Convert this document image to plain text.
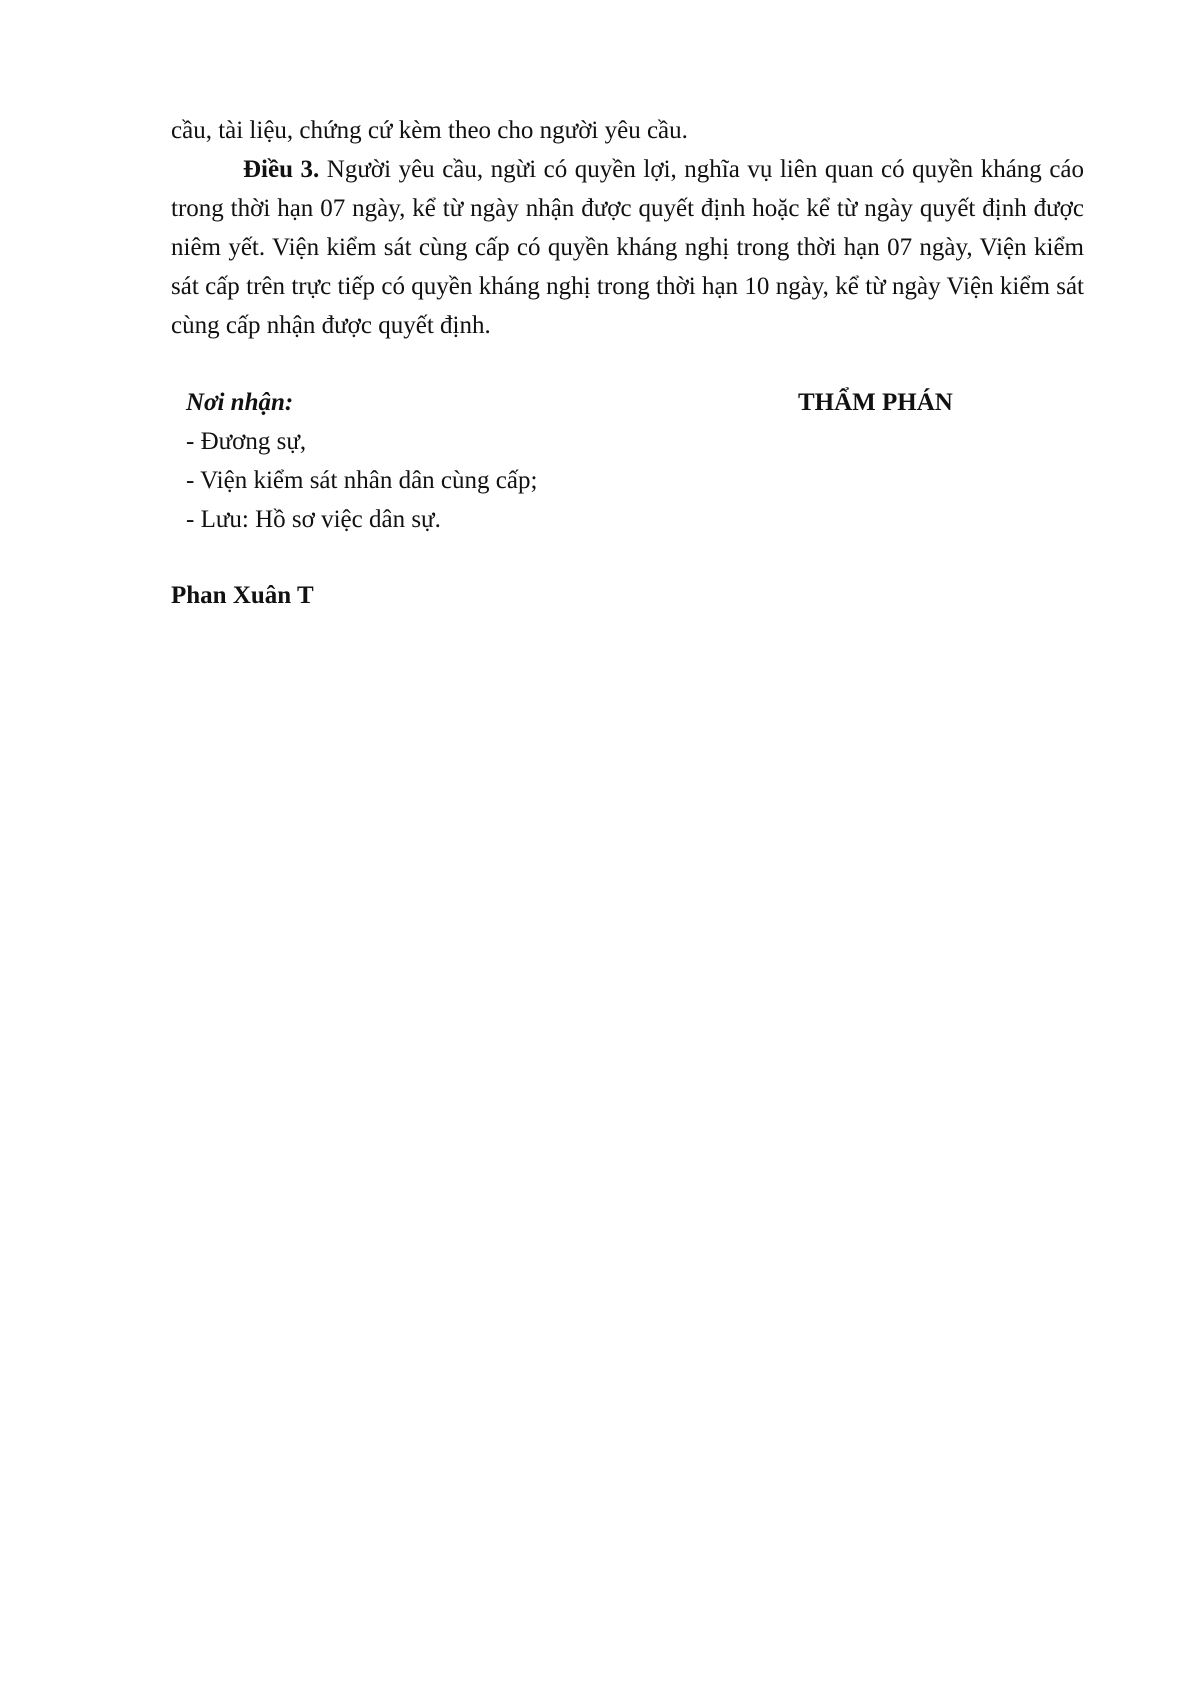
cầu, tài liệu, chứng cứ kèm theo cho người yêu cầu.

Điều 3. Người yêu cầu, ngừi có quyền lợi, nghĩa vụ liên quan có quyền kháng cáo trong thời hạn 07 ngày, kể từ ngày nhận được quyết định hoặc kể từ ngày quyết định được niêm yết. Viện kiểm sát cùng cấp có quyền kháng nghị trong thời hạn 07 ngày, Viện kiểm sát cấp trên trực tiếp có quyền kháng nghị trong thời hạn 10 ngày, kể từ ngày Viện kiểm sát cùng cấp nhận được quyết định.

Nơi nhận:
- Đương sự,
- Viện kiểm sát nhân dân cùng cấp;
- Lưu: Hồ sơ việc dân sự.
THẨM PHÁN
Phan Xuân T
